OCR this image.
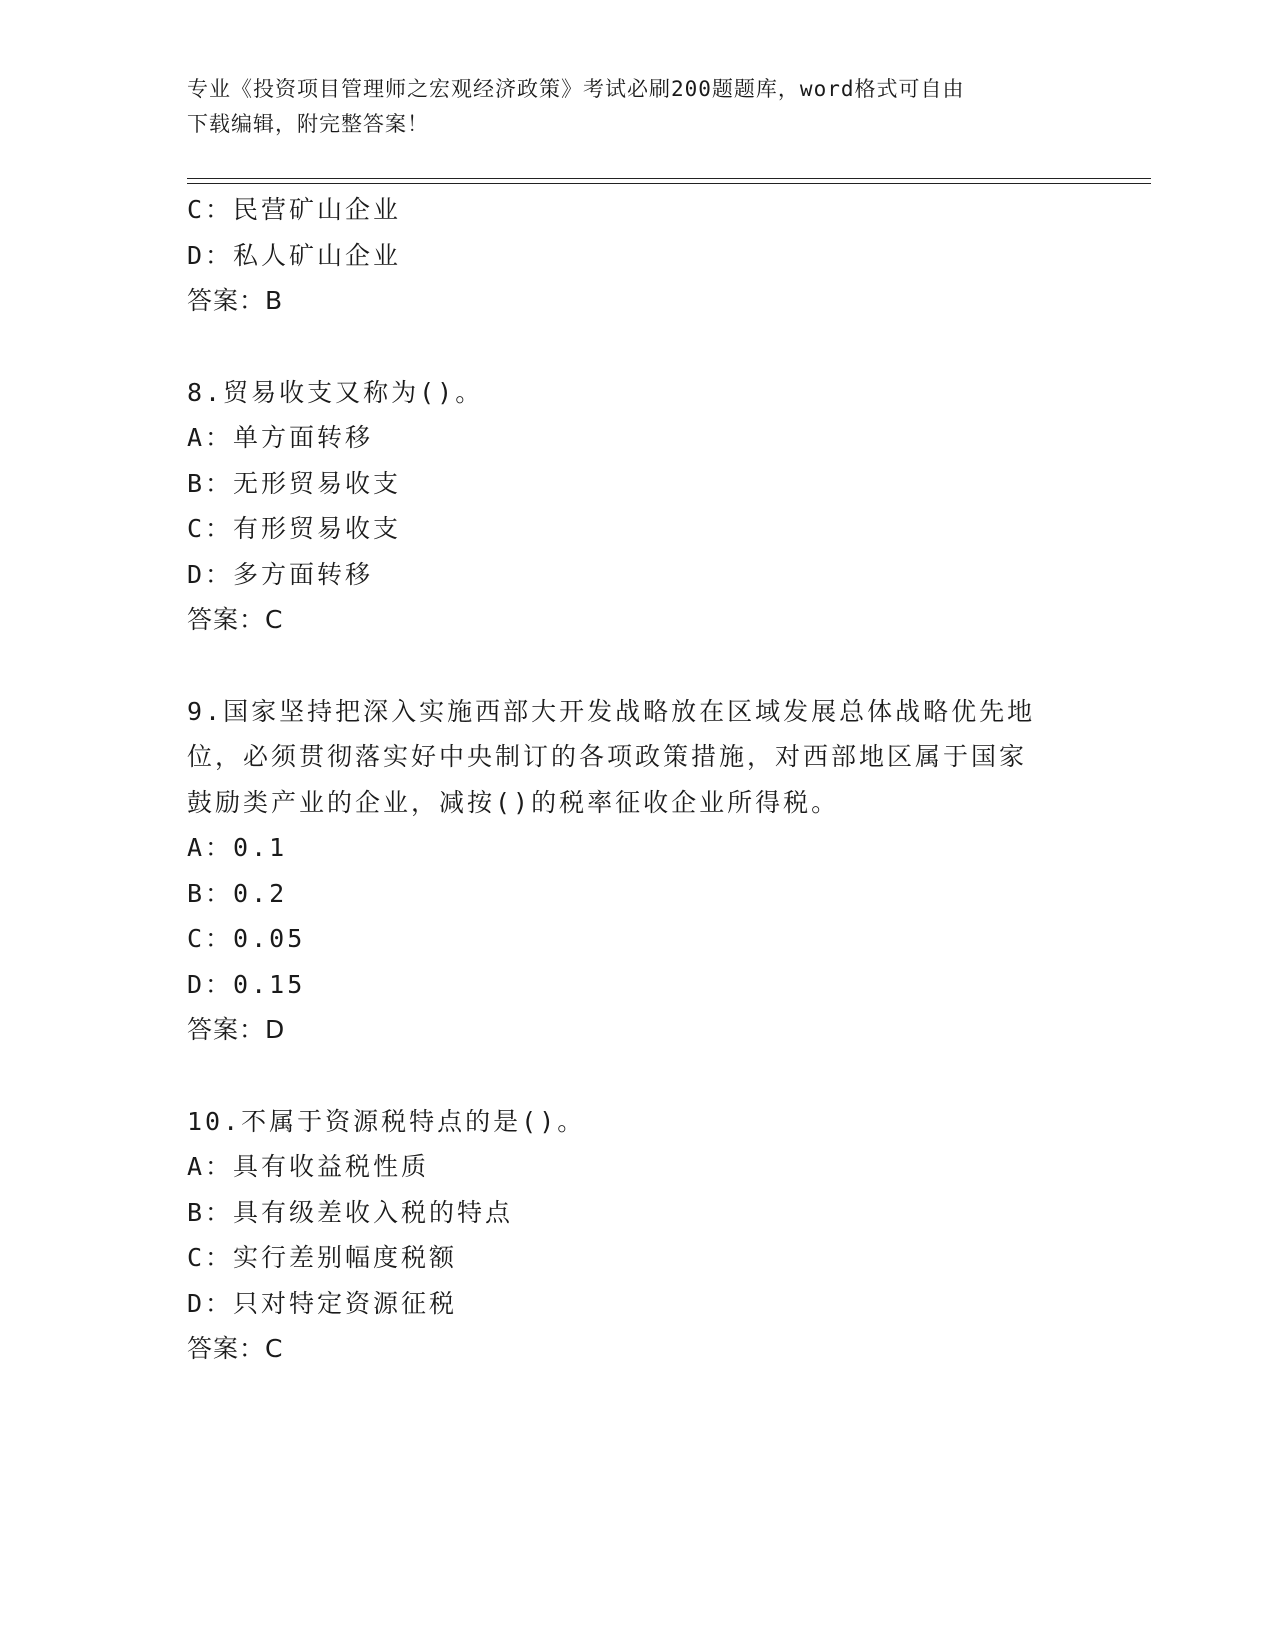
专业《投资项目管理师之宏观经济政策》考试必刷200题题库，word格式可自由
下载编辑，附完整答案！
C：民营矿山企业
D：私人矿山企业
答案：B
8.贸易收支又称为()。
A：单方面转移
B：无形贸易收支
C：有形贸易收支
D：多方面转移
答案：C
9.国家坚持把深入实施西部大开发战略放在区域发展总体战略优先地
位，必须贯彻落实好中央制订的各项政策措施，对西部地区属于国家
鼓励类产业的企业，减按()的税率征收企业所得税。
A：0.1
B：0.2
C：0.05
D：0.15
答案：D
10.不属于资源税特点的是()。
A：具有收益税性质
B：具有级差收入税的特点
C：实行差别幅度税额
D：只对特定资源征税
答案：C
